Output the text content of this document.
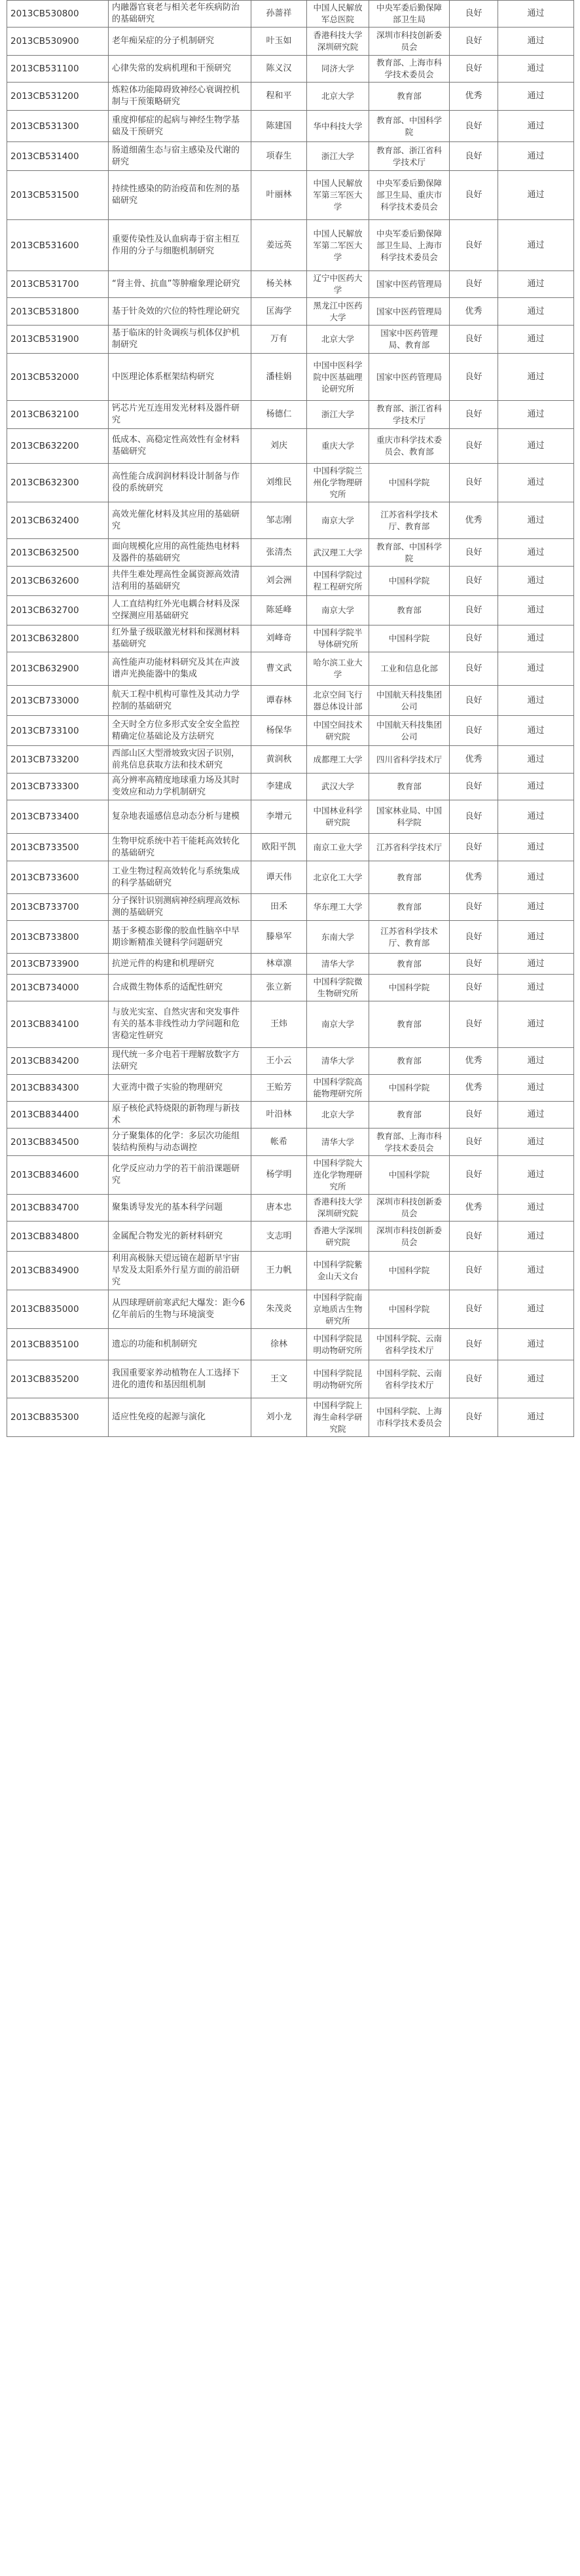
2013CB530800	内融器官衰老与相关老年疾病防治的基础研究	孙蔷祥	中国人民解放军总医院	中央军委后勤保障部卫生局	良好	通过
2013CB530900	老年痴呆症的分子机制研究	叶玉如	香港科技大学深圳研究院	深圳市科技创新委员会	良好	通过
2013CB531100	心律失常的发病机理和干预研究	陈义汉	同济大学	教育部、上海市科学技术委员会	良好	通过
2013CB531200	炼粒体功能障碍致神经心衰调控机制与干预策略研究	程和平	北京大学	教育部	优秀	通过
2013CB531300	重度抑郁症的起病与神经生物学基础及干预研究	陈建国	华中科技大学	教育部、中国科学院	良好	通过
2013CB531400	肠道细菌生态与宿主感染及代谢的研究	项春生	浙江大学	教育部、浙江省科学技术厅	良好	通过
2013CB531500	持续性感染的防治疫苗和佐剂的基础研究	叶丽林	中国人民解放军第三军医大学	中央军委后勤保障部卫生局、重庆市科学技术委员会	良好	通过
2013CB531600	重要传染性及认血病毒于宿主相互作用的分子与细胞机制研究	姜远英	中国人民解放军第二军医大学	中央军委后勤保障部卫生局、上海市科学技术委员会	良好	通过
2013CB531700	“肾主骨、抗血”等肿瘤象理论研究	杨关林	辽宁中医药大学	国家中医药管理局	良好	通过
2013CB531800	基于针灸效的穴位的特性理论研究	匡海学	黑龙江中医药大学	国家中医药管理局	优秀	通过
2013CB531900	基于临床的针灸调疾与机体仅护机制研究	万有	北京大学	国家中医药管理局、教育部	良好	通过
2013CB532000	中医理论体系框架结构研究	潘桂娟	中国中医科学院中医基础理论研究所	国家中医药管理局	良好	通过
2013CB632100	钙芯片光互连用发光材料及器件研究	杨德仁	浙江大学	教育部、浙江省科学技术厅	良好	通过
2013CB632200	低成本、高稳定性高效性有金材料基础研究	刘庆	重庆大学	重庆市科学技术委员会、教育部	良好	通过
2013CB632300	高性能合成润润材料设计制备与作役的系统研究	刘维民	中国科学院兰州化学物理研究所	中国科学院	良好	通过
2013CB632400	高效光催化材料及其应用的基础研究	邹志刚	南京大学	江苏省科学技术厅、教育部	优秀	通过
2013CB632500	面向规模化应用的高性能热电材料及器件的基础研究	张清杰	武汉理工大学	教育部、中国科学院	良好	通过
2013CB632600	共伴生难处理高性金属资源高效清洁利用的基础研究	刘会洲	中国科学院过程工程研究所	中国科学院	良好	通过
2013CB632700	人工直结构红外光电耦合材料及深空探测应用基础研究	陈延峰	南京大学	教育部	良好	通过
2013CB632800	红外量子级联激光材料和探测材料基础研究	刘峰奇	中国科学院半导体研究所	中国科学院	良好	通过
2013CB632900	高性能声功能材料研究及其在声波谱声光换能器中的集成	曹文武	哈尔滨工业大学	工业和信息化部	良好	通过
2013CB733000	航天工程中机构可靠性及其动力学控制的基础研究	谭春林	北京空间飞行器总体设计部	中国航天科技集团公司	良好	通过
2013CB733100	全天时全方位多形式安全安全监控精确定位基础论及方法研究	杨保华	中国空间技术研究院	中国航天科技集团公司	良好	通过
2013CB733200	西部山区大型滑坡致灾因子识别，前兆信息获取方法和技术研究	黄润秋	成都理工大学	四川省科学技术厅	优秀	通过
2013CB733300	高分辨率高精度地球重力场及其时变效应和动力学机制研究	李建成	武汉大学	教育部	良好	通过
2013CB733400	复杂地表遥感信息动态分析与建模	李增元	中国林业科学研究院	国家林业局、中国科学院	良好	通过
2013CB733500	生物甲烷系统中若干能耗高效转化的基础研究	欧阳平凯	南京工业大学	江苏省科学技术厅	良好	通过
2013CB733600	工业生物过程高效转化与系统集成的科学基础研究	谭天伟	北京化工大学	教育部	优秀	通过
2013CB733700	分子探针识别测病神经病理高效标测的基础研究	田禾	华东理工大学	教育部	良好	通过
2013CB733800	基于多模态影像的胶血性脑卒中早期诊断精准关键科学问题研究	滕皋军	东南大学	江苏省科学技术厅、教育部	良好	通过
2013CB733900	抗逆元件的构建和机理研究	林章凛	清华大学	教育部	良好	通过
2013CB734000	合成微生物体系的适配性研究	张立新	中国科学院微生物研究所	中国科学院	良好	通过
2013CB834100	与放光实室、自然灾害和突发事件有关的基本非线性动力学问题和危害稳定性研究	王炜	南京大学	教育部	良好	通过
2013CB834200	现代统一多介电若干理解放数字方法研究	王小云	清华大学	教育部	优秀	通过
2013CB834300	大亚湾中微子实验的物理研究	王贻芳	中国科学院高能物理研究所	中国科学院	优秀	通过
2013CB834400	原子核伦武特烧限的新物理与新技术	叶沿林	北京大学	教育部	良好	通过
2013CB834500	分子聚集体的化学：多层次功能组装结构预构与动态调控	帐希	清华大学	教育部、上海市科学技术委员会	良好	通过
2013CB834600	化学反应动力学的若干前沿课题研究	杨学明	中国科学院大连化学物理研究所	中国科学院	良好	通过
2013CB834700	聚集诱导发光的基本科学问题	唐本忠	香港科技大学深圳研究院	深圳市科技创新委员会	优秀	通过
2013CB834800	金属配合物发光的新材料研究	支志明	香港大学深圳研究院	深圳市科技创新委员会	良好	通过
2013CB834900	利用高极脉天望远镜在超新早宇宙早发及太阳系外行星方面的前沿研究	王力帆	中国科学院紫金山天文台	中国科学院	良好	通过
2013CB835000	从四球理研前寒武纪大爆发：距今6亿年前后的生物与环境演变	朱茂炎	中国科学院南京地质古生物研究所	中国科学院	良好	通过
2013CB835100	遗忘的功能和机制研究	徐林	中国科学院昆明动物研究所	中国科学院、云南省科学技术厅	良好	通过
2013CB835200	我国重要家养动植物在人工选择下进化的遗传和基因组机制	王文	中国科学院昆明动物研究所	中国科学院、云南省科学技术厅	良好	通过
2013CB835300	适应性免疫的起源与演化	刘小龙	中国科学院上海生命科学研究院	中国科学院、上海市科学技术委员会	良好	通过
